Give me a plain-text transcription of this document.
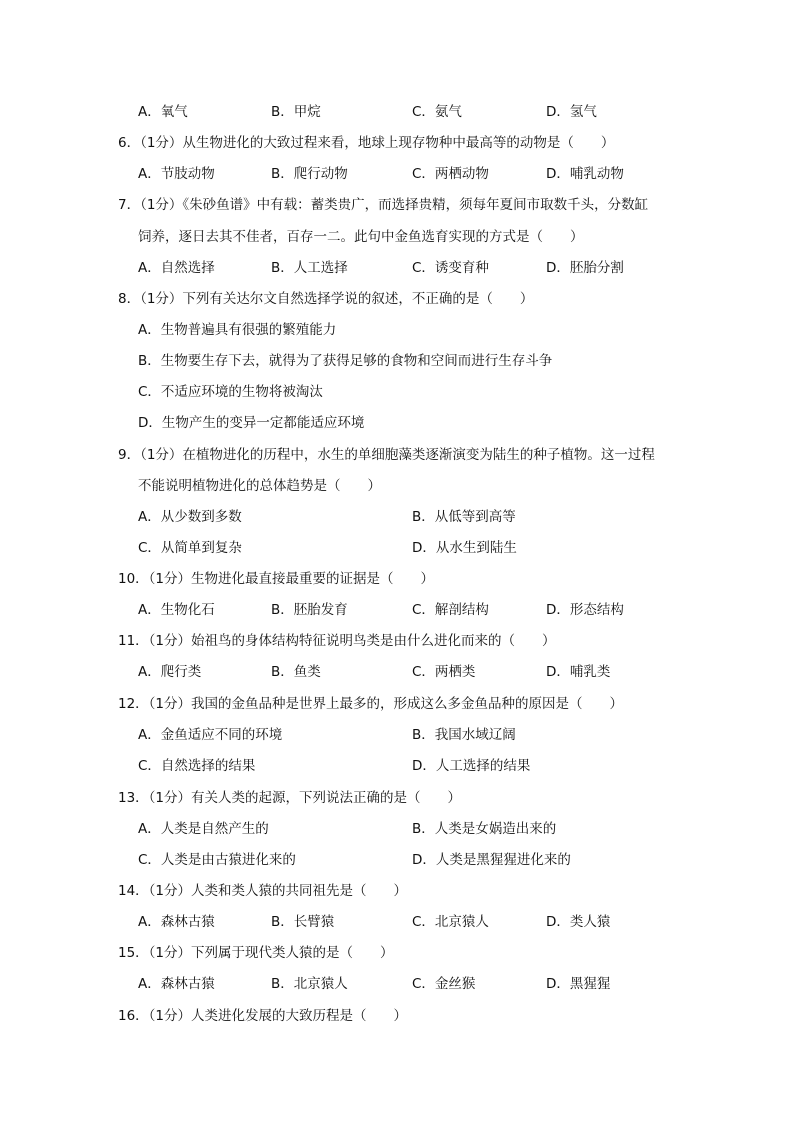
A．氧气	B．甲烷	C．氨气	D．氢气
6．（1分）从生物进化的大致过程来看，地球上现存物种中最高等的动物是（　　）
A．节肢动物	B．爬行动物	C．两栖动物	D．哺乳动物
7．（1分）《朱砂鱼谱》中有载：蓄类贵广，而选择贵精，须每年夏间市取数千头，分数缸
饲养，逐日去其不佳者，百存一二。此句中金鱼选育实现的方式是（　　）
A．自然选择	B．人工选择	C．诱变育种	D．胚胎分割
8．（1分）下列有关达尔文自然选择学说的叙述，不正确的是（　　）
A．生物普遍具有很强的繁殖能力
B．生物要生存下去，就得为了获得足够的食物和空间而进行生存斗争
C．不适应环境的生物将被淘汰
D．生物产生的变异一定都能适应环境
9．（1分）在植物进化的历程中，水生的单细胞藻类逐渐演变为陆生的种子植物。这一过程
不能说明植物进化的总体趋势是（　　）
A．从少数到多数	B．从低等到高等
C．从简单到复杂	D．从水生到陆生
10．（1分）生物进化最直接最重要的证据是（　　）
A．生物化石	B．胚胎发育	C．解剖结构	D．形态结构
11．（1分）始祖鸟的身体结构特征说明鸟类是由什么进化而来的（　　）
A．爬行类	B．鱼类	C．两栖类	D．哺乳类
12．（1分）我国的金鱼品种是世界上最多的，形成这么多金鱼品种的原因是（　　）
A．金鱼适应不同的环境	B．我国水域辽阔
C．自然选择的结果	D．人工选择的结果
13．（1分）有关人类的起源，下列说法正确的是（　　）
A．人类是自然产生的	B．人类是女娲造出来的
C．人类是由古猿进化来的	D．人类是黑猩猩进化来的
14．（1分）人类和类人猿的共同祖先是（　　）
A．森林古猿	B．长臂猿	C．北京猿人	D．类人猿
15．（1分）下列属于现代类人猿的是（　　）
A．森林古猿	B．北京猿人	C．金丝猴	D．黑猩猩
16．（1分）人类进化发展的大致历程是（　　）
